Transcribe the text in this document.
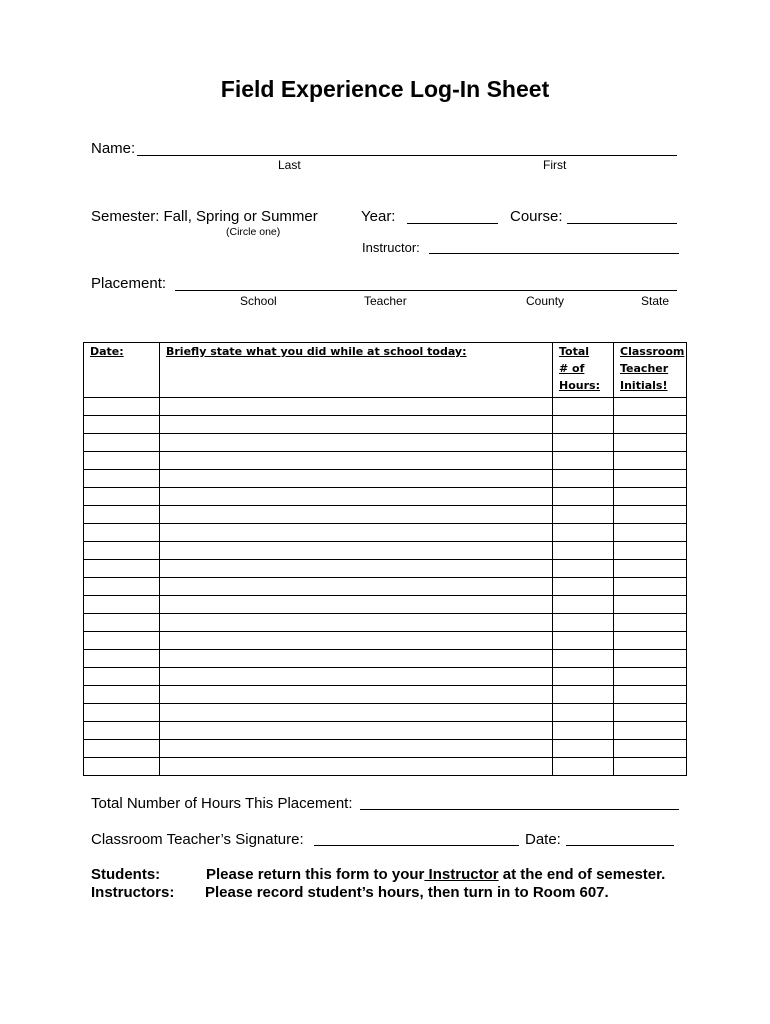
Field Experience Log-In Sheet
Name:
Last	First
Semester: Fall, Spring or Summer
(Circle one)
Year:	Course:
Instructor:
Placement:
School	Teacher	County	State
Date:	Briefly state what you did while at school today:	Total # of Hours:	Classroom Teacher Initials!

Total Number of Hours This Placement:
Classroom Teacher’s Signature:	Date:
Students:	Please return this form to your Instructor at the end of semester.
Instructors: Please record student’s hours, then turn in to Room 607.
